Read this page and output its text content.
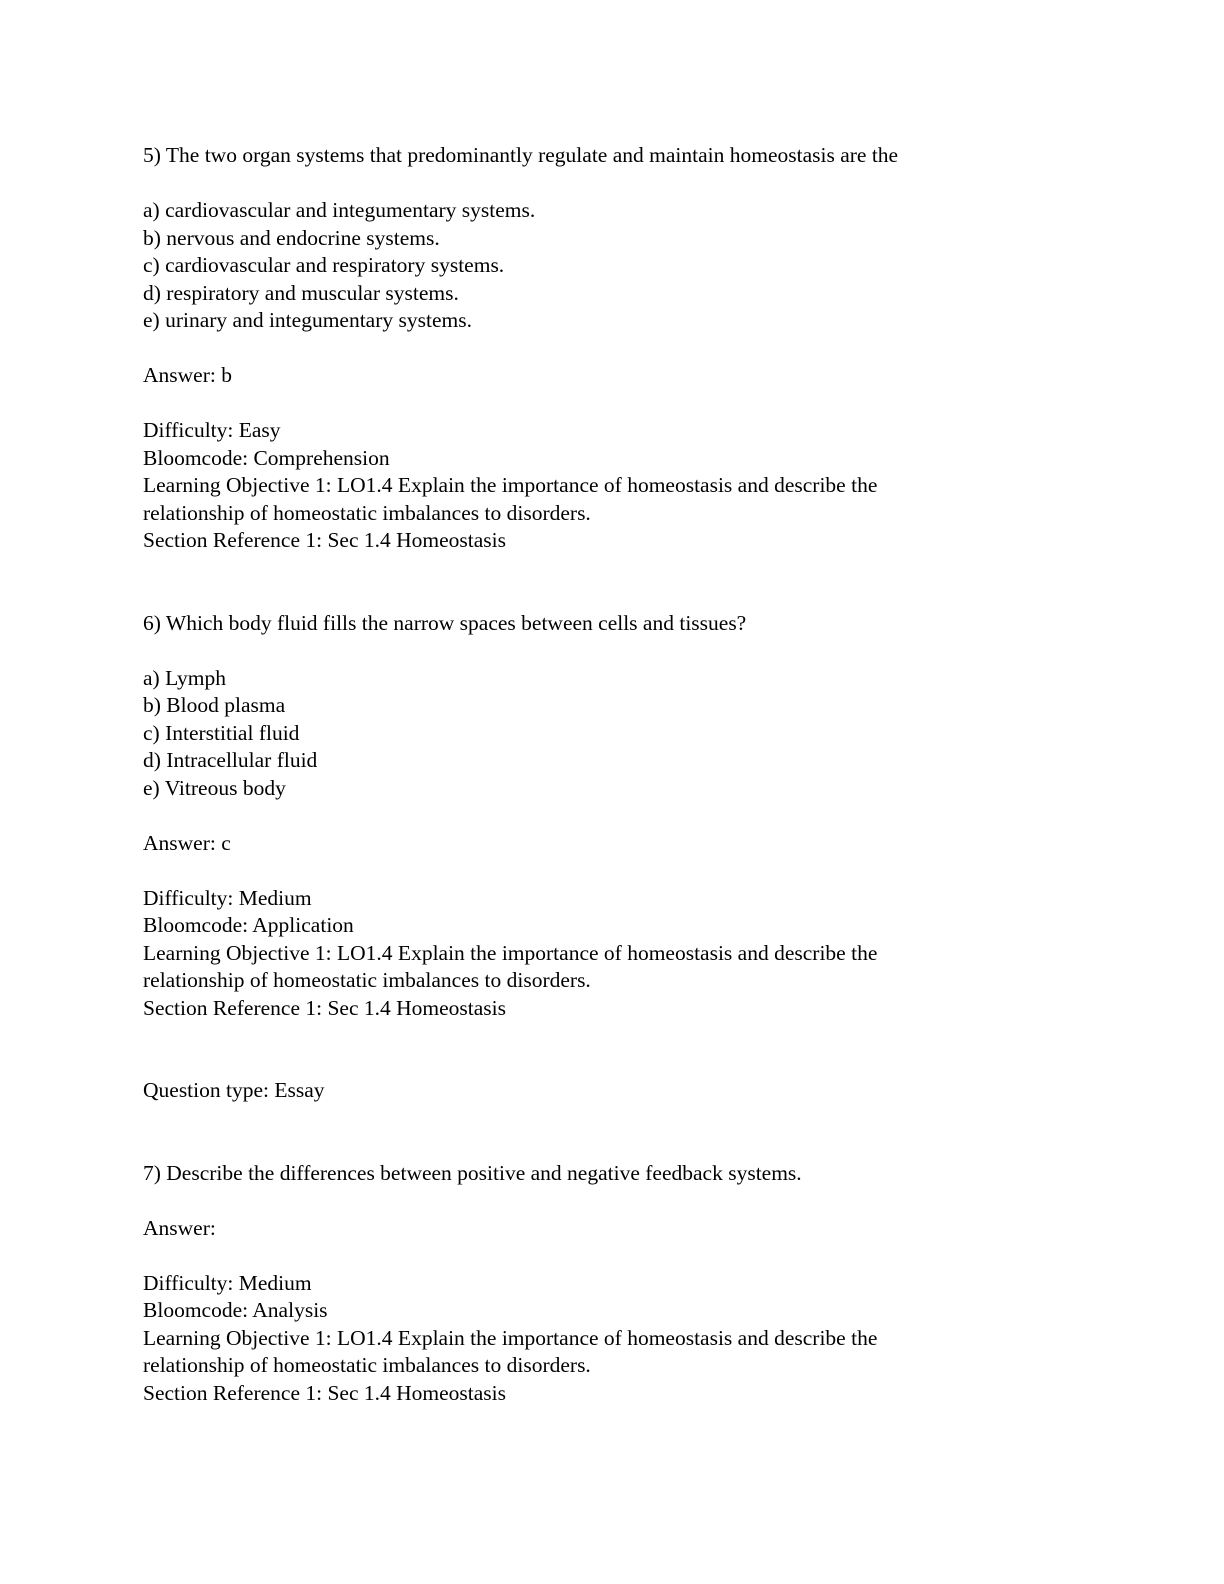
5) The two organ systems that predominantly regulate and maintain homeostasis are the
a) cardiovascular and integumentary systems.
b) nervous and endocrine systems.
c) cardiovascular and respiratory systems.
d) respiratory and muscular systems.
e) urinary and integumentary systems.
Answer: b
Difficulty: Easy
Bloomcode: Comprehension
Learning Objective 1: LO1.4 Explain the importance of homeostasis and describe the
relationship of homeostatic imbalances to disorders.
Section Reference 1: Sec 1.4 Homeostasis
6) Which body fluid fills the narrow spaces between cells and tissues?
a) Lymph
b) Blood plasma
c) Interstitial fluid
d) Intracellular fluid
e) Vitreous body
Answer: c
Difficulty: Medium
Bloomcode: Application
Learning Objective 1: LO1.4 Explain the importance of homeostasis and describe the
relationship of homeostatic imbalances to disorders.
Section Reference 1: Sec 1.4 Homeostasis
Question type: Essay
7) Describe the differences between positive and negative feedback systems.
Answer:
Difficulty: Medium
Bloomcode: Analysis
Learning Objective 1: LO1.4 Explain the importance of homeostasis and describe the
relationship of homeostatic imbalances to disorders.
Section Reference 1: Sec 1.4 Homeostasis
